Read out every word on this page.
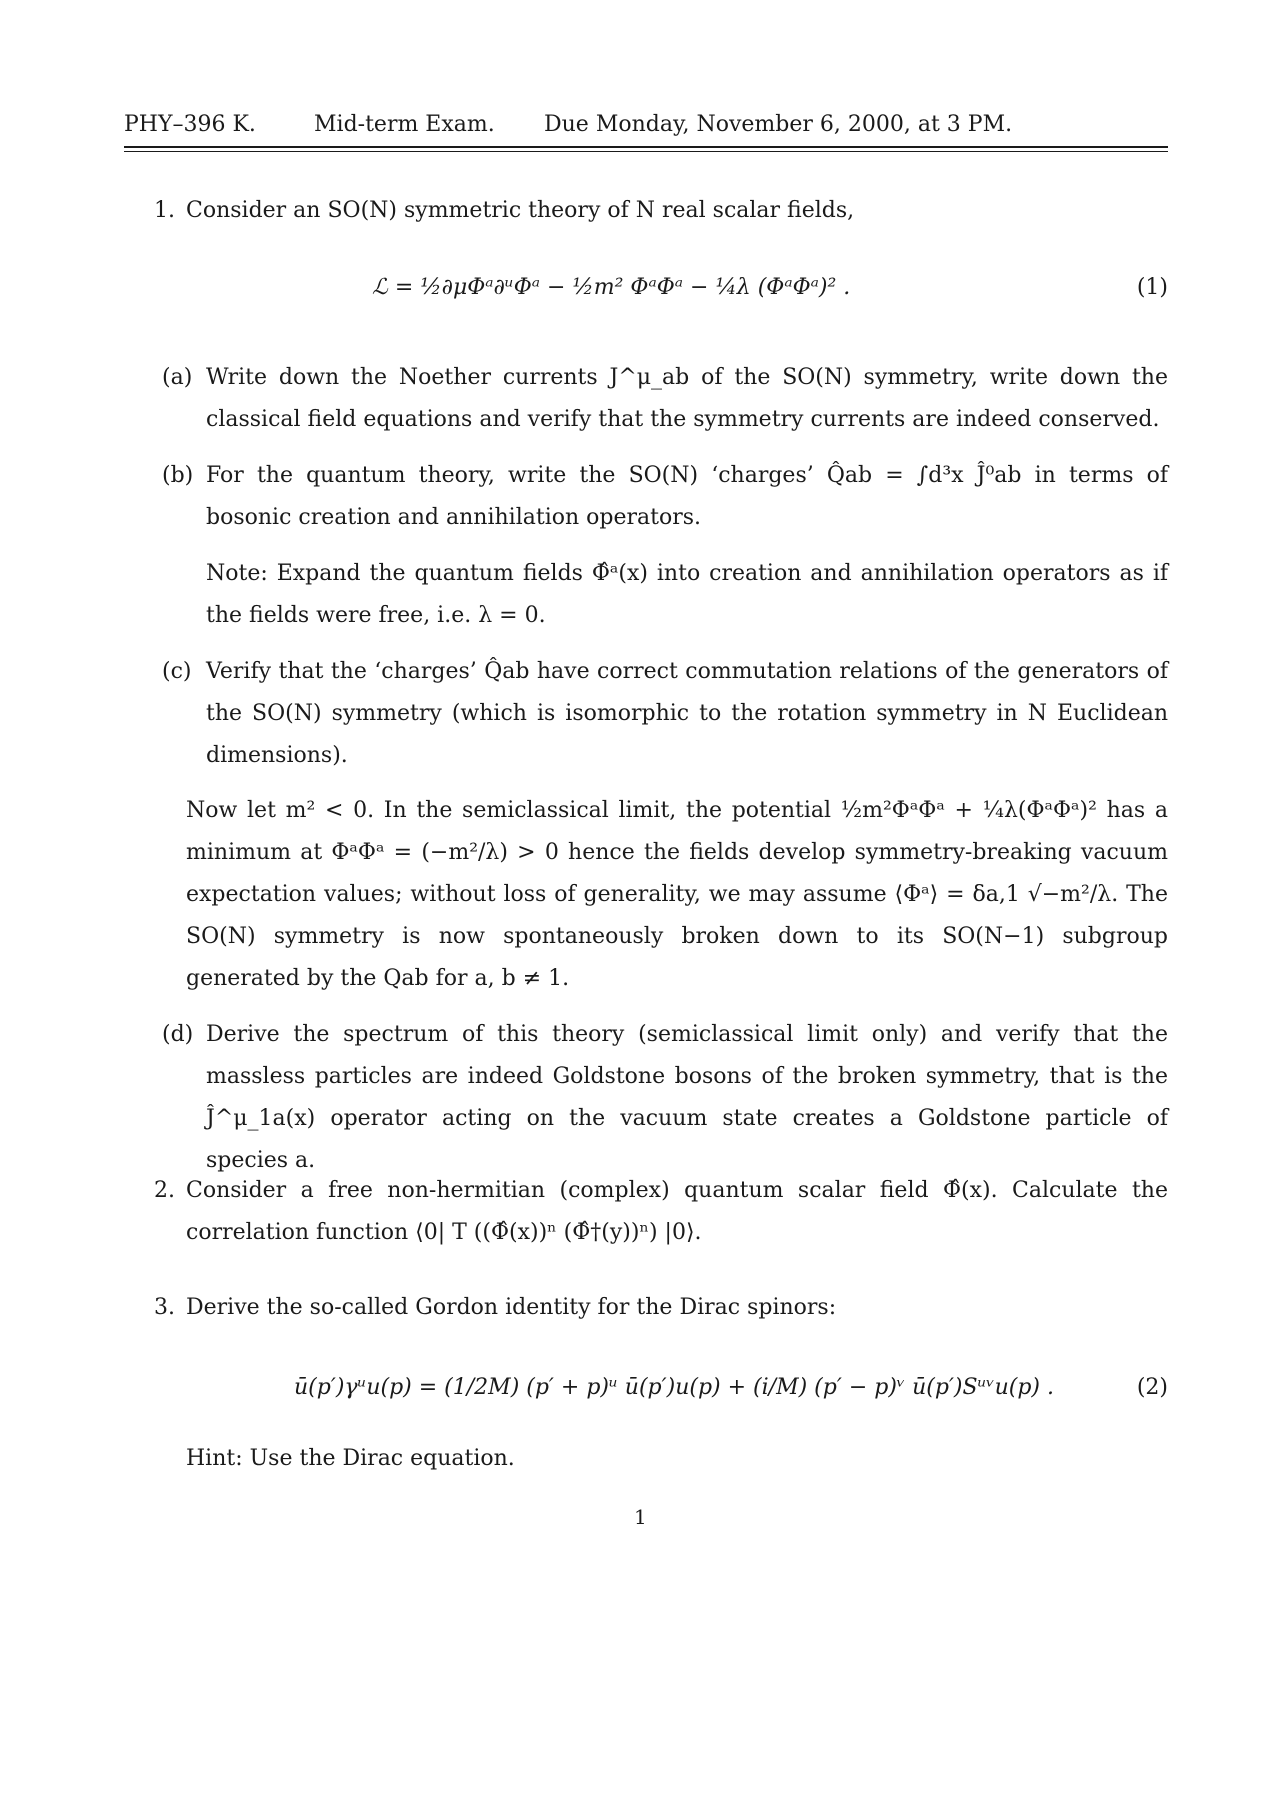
PHY–396 K.	Mid-term Exam. Due Monday, November 6, 2000, at 3 PM.
1. Consider an SO(N) symmetric theory of N real scalar fields,
ℒ = ½∂μΦᵃ∂ᵘΦᵃ − ½m² ΦᵃΦᵃ − ¼λ (ΦᵃΦᵃ)² .	(1)
(a) Write down the Noether currents J^μ_ab of the SO(N) symmetry, write down the classical field equations and verify that the symmetry currents are indeed conserved.
(b) For the quantum theory, write the SO(N) ‘charges’ Q̂ab = ∫d³x Ĵ⁰ab in terms of bosonic creation and annihilation operators.
Note: Expand the quantum fields Φ̂ᵃ(x) into creation and annihilation operators as if the fields were free, i.e. λ = 0.
(c) Verify that the ‘charges’ Q̂ab have correct commutation relations of the generators of the SO(N) symmetry (which is isomorphic to the rotation symmetry in N Euclidean dimensions).
Now let m² < 0. In the semiclassical limit, the potential ½m²ΦᵃΦᵃ + ¼λ(ΦᵃΦᵃ)² has a minimum at ΦᵃΦᵃ = (−m²/λ) > 0 hence the fields develop symmetry-breaking vacuum expectation values; without loss of generality, we may assume ⟨Φᵃ⟩ = δa,1 √−m²/λ. The SO(N) symmetry is now spontaneously broken down to its SO(N−1) subgroup generated by the Qab for a, b ≠ 1.
(d) Derive the spectrum of this theory (semiclassical limit only) and verify that the massless particles are indeed Goldstone bosons of the broken symmetry, that is the Ĵ^μ_1a(x) operator acting on the vacuum state creates a Goldstone particle of species a.
2. Consider a free non-hermitian (complex) quantum scalar field Φ̂(x). Calculate the correlation function ⟨0| T ((Φ̂(x))ⁿ (Φ̂†(y))ⁿ) |0⟩.
3. Derive the so-called Gordon identity for the Dirac spinors:
ū(p′)γᵘu(p) = (1/2M) (p′ + p)ᵘ ū(p′)u(p) + (i/M) (p′ − p)ᵛ ū(p′)Sᵘᵛu(p) .	(2)
Hint: Use the Dirac equation.
1
